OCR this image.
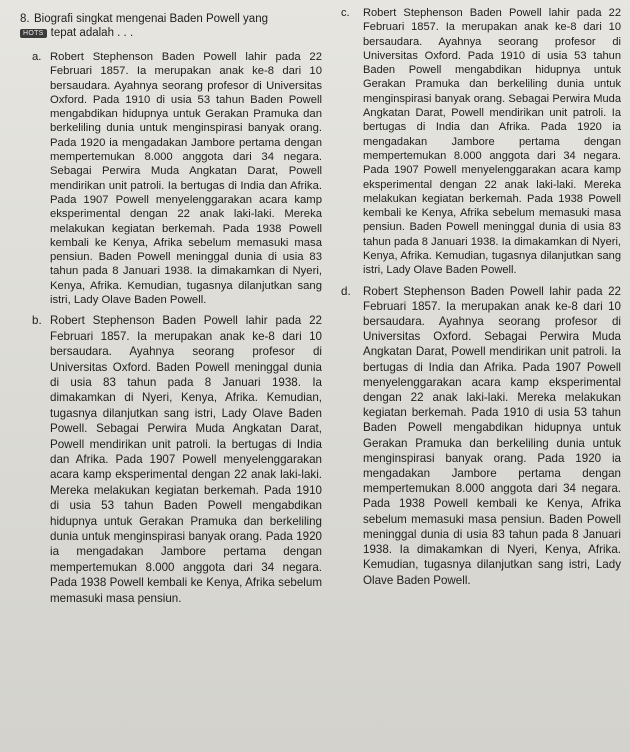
8. Biografi singkat mengenai Baden Powell yang
HOTS tepat adalah . . .
a. Robert Stephenson Baden Powell lahir pada 22 Februari 1857. Ia merupakan anak ke-8 dari 10 bersaudara. Ayahnya seorang profesor di Universitas Oxford. Pada 1910 di usia 53 tahun Baden Powell mengabdikan hidupnya untuk Gerakan Pramuka dan berkeliling dunia untuk menginspirasi banyak orang. Pada 1920 ia mengadakan Jambore pertama dengan mempertemukan 8.000 anggota dari 34 negara. Sebagai Perwira Muda Angkatan Darat, Powell mendirikan unit patroli. Ia bertugas di India dan Afrika. Pada 1907 Powell menyelenggarakan acara kamp eksperimental dengan 22 anak laki-laki. Mereka melakukan kegiatan berkemah. Pada 1938 Powell kembali ke Kenya, Afrika sebelum memasuki masa pensiun. Baden Powell meninggal dunia di usia 83 tahun pada 8 Januari 1938. Ia dimakamkan di Nyeri, Kenya, Afrika. Kemudian, tugasnya dilanjutkan sang istri, Lady Olave Baden Powell.
b. Robert Stephenson Baden Powell lahir pada 22 Februari 1857. Ia merupakan anak ke-8 dari 10 bersaudara. Ayahnya seorang profesor di Universitas Oxford. Baden Powell meninggal dunia di usia 83 tahun pada 8 Januari 1938. Ia dimakamkan di Nyeri, Kenya, Afrika. Kemudian, tugasnya dilanjutkan sang istri, Lady Olave Baden Powell. Sebagai Perwira Muda Angkatan Darat, Powell mendirikan unit patroli. Ia bertugas di India dan Afrika. Pada 1907 Powell menyelenggarakan acara kamp eksperimental dengan 22 anak laki-laki. Mereka melakukan kegiatan berkemah. Pada 1910 di usia 53 tahun Baden Powell mengabdikan hidupnya untuk Gerakan Pramuka dan berkeliling dunia untuk menginspirasi banyak orang. Pada 1920 ia mengadakan Jambore pertama dengan mempertemukan 8.000 anggota dari 34 negara. Pada 1938 Powell kembali ke Kenya, Afrika sebelum memasuki masa pensiun.
c. Robert Stephenson Baden Powell lahir pada 22 Februari 1857. Ia merupakan anak ke-8 dari 10 bersaudara. Ayahnya seorang profesor di Universitas Oxford. Pada 1910 di usia 53 tahun Baden Powell mengabdikan hidupnya untuk Gerakan Pramuka dan berkeliling dunia untuk menginspirasi banyak orang. Sebagai Perwira Muda Angkatan Darat, Powell mendirikan unit patroli. Ia bertugas di India dan Afrika. Pada 1920 ia mengadakan Jambore pertama dengan mempertemukan 8.000 anggota dari 34 negara. Pada 1907 Powell menyelenggarakan acara kamp eksperimental dengan 22 anak laki-laki. Mereka melakukan kegiatan berkemah. Pada 1938 Powell kembali ke Kenya, Afrika sebelum memasuki masa pensiun. Baden Powell meninggal dunia di usia 83 tahun pada 8 Januari 1938. Ia dimakamkan di Nyeri, Kenya, Afrika. Kemudian, tugasnya dilanjutkan sang istri, Lady Olave Baden Powell.
d. Robert Stephenson Baden Powell lahir pada 22 Februari 1857. Ia merupakan anak ke-8 dari 10 bersaudara. Ayahnya seorang profesor di Universitas Oxford. Sebagai Perwira Muda Angkatan Darat, Powell mendirikan unit patroli. Ia bertugas di India dan Afrika. Pada 1907 Powell menyelenggarakan acara kamp eksperimental dengan 22 anak laki-laki. Mereka melakukan kegiatan berkemah. Pada 1910 di usia 53 tahun Baden Powell mengabdikan hidupnya untuk Gerakan Pramuka dan berkeliling dunia untuk menginspirasi banyak orang. Pada 1920 ia mengadakan Jambore pertama dengan mempertemukan 8.000 anggota dari 34 negara. Pada 1938 Powell kembali ke Kenya, Afrika sebelum memasuki masa pensiun. Baden Powell meninggal dunia di usia 83 tahun pada 8 Januari 1938. Ia dimakamkan di Nyeri, Kenya, Afrika. Kemudian, tugasnya dilanjutkan sang istri, Lady Olave Baden Powell.
